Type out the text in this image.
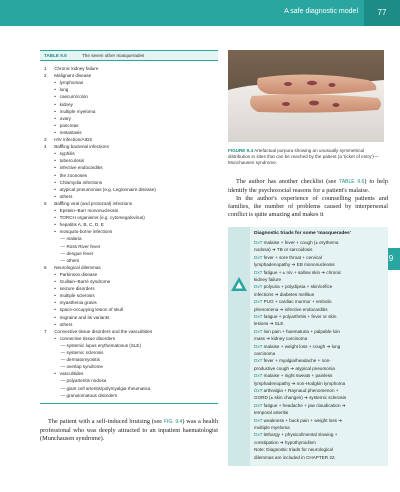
A safe diagnostic model	77
9
TABLE 9.5	The seven other masquerades
1      Chronic kidney failure
2      Malignant disease
•   lymphomas
•   lung
•   caecum/colon
•   kidney
•   multiple myeloma
•   ovary
•   pancreas
•   metastasis
3      HIV infection/AIDS
4      Baffling bacterial infections
•   syphilis
•   tuberculosis
•   infective endocarditis
•   the zoonoses
•   Chlamydia infections
•   atypical pneumonias (e.g. Legionnaire disease)
•   others
5      Baffling viral (and protozoal) infections
•   Epstein–Barr mononucleosis
•   TORCH organisms (e.g. cytomegalovirus)
•   hepatitis A, B, C, D, E
•   mosquito-borne infections
— malaria
— Ross River fever
— dengue fever
— others
6      Neurological dilemmas
•   Parkinson disease
•   Guillain–Barré syndrome
•   seizure disorders
•   multiple sclerosis
•   myasthenia gravis
•   space-occupying lesion of skull
•   migraine and its variants
•   others
7      Connective tissue disorders and the vasculitides
•   connective tissue disorders
— systemic lupus erythematosus (SLE)
— systemic sclerosis
— dermatomyositis
— overlap syndrome
•   vasculitides
— polyarteritis nodosa
— giant cell arteritis/polymyalgia rheumatica
— granulomatous disorders
FIGURE 9.4 Artefactual purpura showing an unusually symmetrical distribution in sites that can be reached by the patient (a 'ticket of entry')—Munchausen syndrome.
The author has another checklist (see TABLE 9.6) to help identify the psychosocial reasons for a patient's malaise.
In the author's experience of counselling patients and families, the number of problems caused by interpersonal conflict is quite amazing and makes it
Diagnostic triads for some 'masquerades'
DxT malaise + fever + cough (± erythema
nodosa) ➔ TB or sarcoidosis
DxT fever + sore throat + cervical
lymphadenopathy ➔ EB mononucleosis
DxT fatigue + ± n/v + sallow skin ➔ chronic
kidney failure
DxT polyuria + polydipsia + skin/orifice
infections ➔ diabetes mellitus
DxT PUO + cardiac murmur + embolic
phenomena ➔ infective endocarditis
DxT fatigue + polyarthritis + fever or skin
lesions ➔ SLE
DxT loin pain + haematuria + palpable loin
mass ➔ kidney carcinoma
DxT malaise + weight loss + cough ➔ lung
carcinoma
DxT fever + myalgia/headache + non-
productive cough ➔ atypical pneumonia
DxT malaise + night sweats + painless
lymphadenopathy ➔ non-Hodgkin lymphoma
DxT arthralgia + Raynaud phenomenon +
GORD (± skin changes) ➔ systemic sclerosis
DxT fatigue + headache + jaw claudication ➔
temporal arteritis
DxT weakness + back pain + weight loss ➔
multiple myeloma
DxT lethargy + physical/mental slowing +
constipation ➔ hypothyroidism
Note: Diagnostic triads for neurological
dilemmas are included in CHAPTER 22.
The patient with a self-induced bruising (see FIG. 9.4) was a health professional who was deeply attracted to an inpatient haematologist (Munchausen syndrome).
